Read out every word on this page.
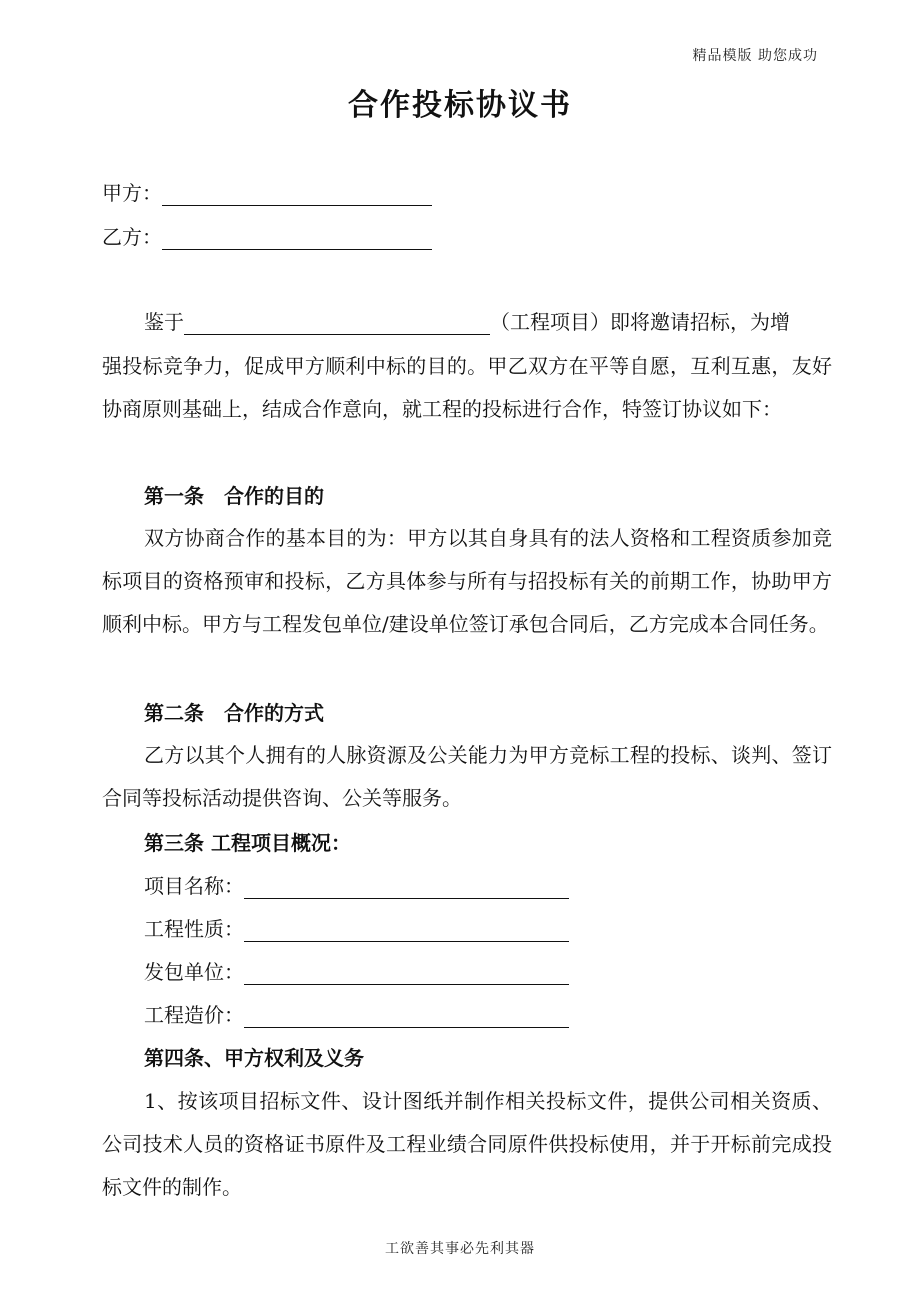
精品模版 助您成功
合作投标协议书
甲方：
乙方：
鉴于	（工程项目）即将邀请招标，为增
强投标竞争力，促成甲方顺利中标的目的。甲乙双方在平等自愿，互利互惠，友好协商原则基础上，结成合作意向，就工程的投标进行合作，特签订协议如下：
第一条　合作的目的
双方协商合作的基本目的为：甲方以其自身具有的法人资格和工程资质参加竞标项目的资格预审和投标，乙方具体参与所有与招投标有关的前期工作，协助甲方顺利中标。甲方与工程发包单位/建设单位签订承包合同后，乙方完成本合同任务。
第二条　合作的方式
乙方以其个人拥有的人脉资源及公关能力为甲方竞标工程的投标、谈判、签订合同等投标活动提供咨询、公关等服务。
第三条 工程项目概况：
项目名称：
工程性质：
发包单位：
工程造价：
第四条、甲方权利及义务
1、按该项目招标文件、设计图纸并制作相关投标文件，提供公司相关资质、公司技术人员的资格证书原件及工程业绩合同原件供投标使用，并于开标前完成投标文件的制作。
工欲善其事必先利其器
